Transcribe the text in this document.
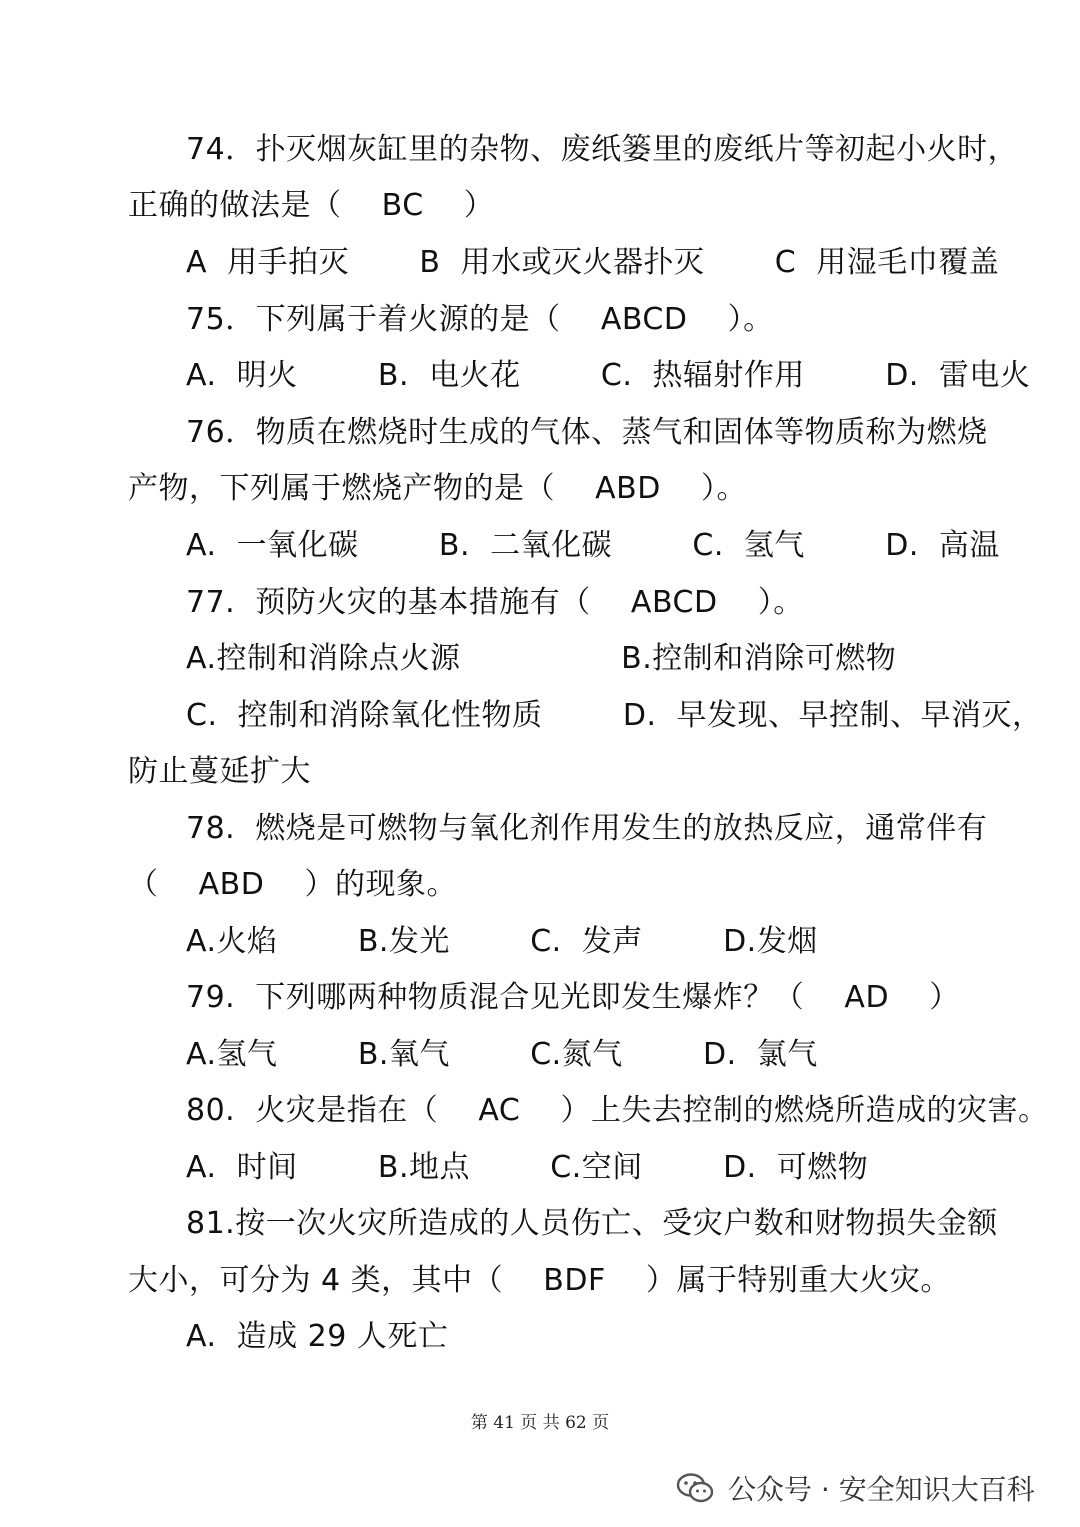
74．扑灭烟灰缸里的杂物、废纸篓里的废纸片等初起小火时，
正确的做法是（    BC    ）
A  用手拍灭       B  用水或灭火器扑灭       C  用湿毛巾覆盖
75．下列属于着火源的是（    ABCD    ）。
A.  明火        B.  电火花        C.  热辐射作用        D.  雷电火
76．物质在燃烧时生成的气体、蒸气和固体等物质称为燃烧
产物，下列属于燃烧产物的是（    ABD    ）。
A.  一氧化碳        B.  二氧化碳        C.  氢气        D.  高温
77.  预防火灾的基本措施有（    ABCD    ）。
A.控制和消除点火源                B.控制和消除可燃物
C.  控制和消除氧化性物质        D.  早发现、早控制、早消灭，
防止蔓延扩大
78.  燃烧是可燃物与氧化剂作用发生的放热反应，通常伴有
（    ABD    ）的现象。
A.火焰        B.发光        C.  发声        D.发烟
79.  下列哪两种物质混合见光即发生爆炸？（    AD    ）
A.氢气        B.氧气        C.氮气        D.  氯气
80.  火灾是指在（    AC    ）上失去控制的燃烧所造成的灾害。
A.  时间        B.地点        C.空间        D.  可燃物
81.按一次火灾所造成的人员伤亡、受灾户数和财物损失金额
大小，可分为 4 类，其中（    BDF    ）属于特别重大火灾。
A.  造成 29 人死亡
第 41 页 共 62 页
公众号 · 安全知识大百科
